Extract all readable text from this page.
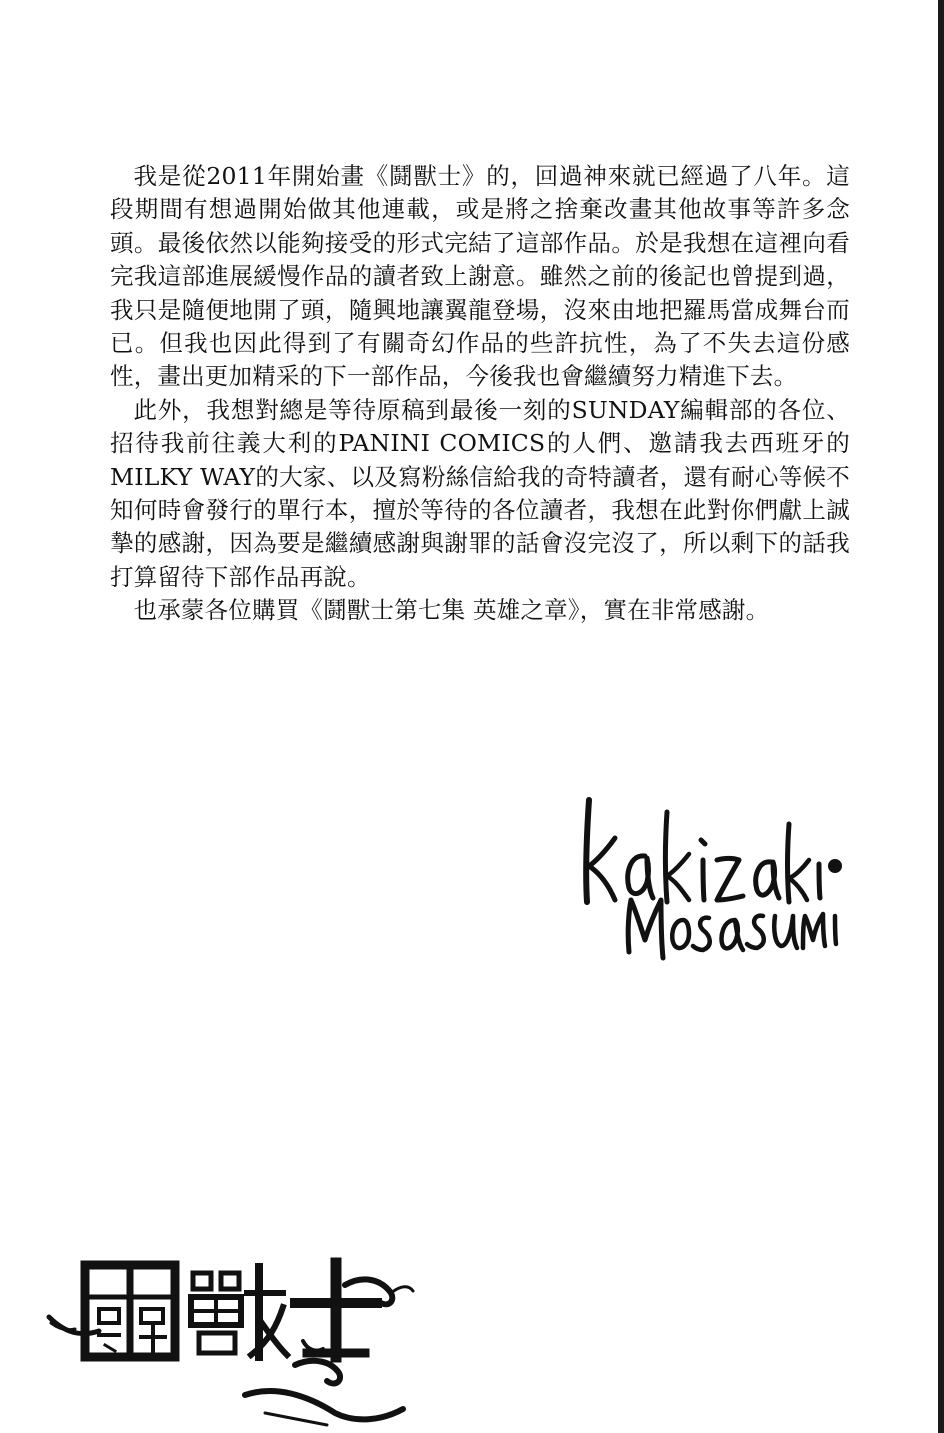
我是從2011年開始畫《鬪獸士》的，回過神來就已經過了八年。這段期間有想過開始做其他連載，或是將之捨棄改畫其他故事等許多念頭。最後依然以能夠接受的形式完結了這部作品。於是我想在這裡向看完我這部進展緩慢作品的讀者致上謝意。雖然之前的後記也曾提到過，我只是隨便地開了頭，隨興地讓翼龍登場，沒來由地把羅馬當成舞台而已。但我也因此得到了有關奇幻作品的些許抗性，為了不失去這份感性，畫出更加精采的下一部作品，今後我也會繼續努力精進下去。

此外，我想對總是等待原稿到最後一刻的SUNDAY編輯部的各位、招待我前往義大利的PANINI COMICS的人們、邀請我去西班牙的MILKY WAY的大家、以及寫粉絲信給我的奇特讀者，還有耐心等候不知何時會發行的單行本，擅於等待的各位讀者，我想在此對你們獻上誠摯的感謝，因為要是繼續感謝與謝罪的話會沒完沒了，所以剩下的話我打算留待下部作品再說。

也承蒙各位購買《鬪獸士第七集 英雄之章》，實在非常感謝。
